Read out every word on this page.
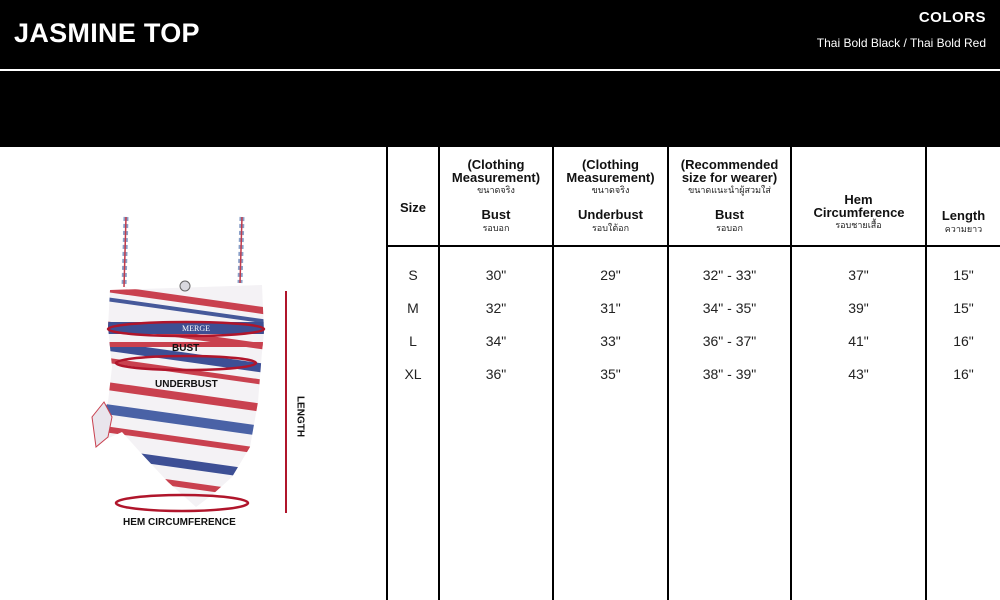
JASMINE TOP
COLORS
Thai Bold Black / Thai Bold Red
MERGE
BUST
UNDERBUST
LENGTH
HEM CIRCUMFERENCE
Size
(Clothing Measurement)
ขนาดจริง
Bust
รอบอก
(Clothing Measurement)
ขนาดจริง
Underbust
รอบใต้อก
(Recommended size for wearer)
ขนาดแนะนำผู้สวมใส่
Bust
รอบอก
Hem Circumference
รอบชายเสื้อ
Length
ความยาว
S	30"	29"	32" - 33"	37"	15"
M	32"	31"	34" - 35"	39"	15"
L	34"	33"	36" - 37"	41"	16"
XL	36"	35"	38" - 39"	43"	16"
